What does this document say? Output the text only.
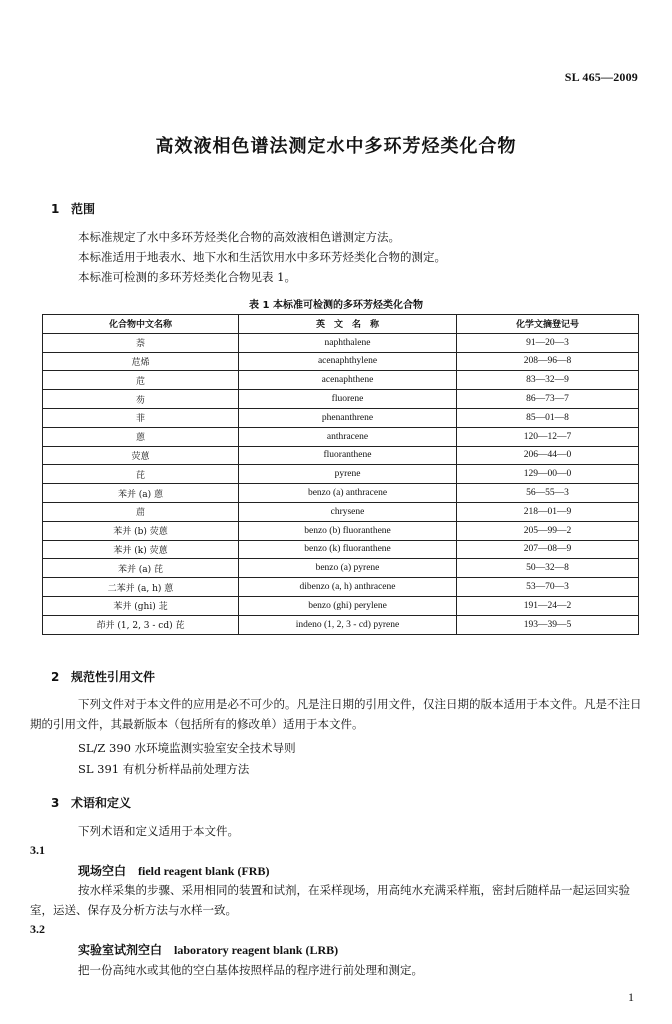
SL 465—2009
高效液相色谱法测定水中多环芳烃类化合物
1 范围
本标准规定了水中多环芳烃类化合物的高效液相色谱测定方法。
本标准适用于地表水、地下水和生活饮用水中多环芳烃类化合物的测定。
本标准可检测的多环芳烃类化合物见表 1。
表 1 本标准可检测的多环芳烃类化合物
化合物中文名称	英　文　名　称	化学文摘登记号
萘	naphthalene	91—20—3
苊烯	acenaphthylene	208—96—8
苊	acenaphthene	83—32—9
芴	fluorene	86—73—7
菲	phenanthrene	85—01—8
蒽	anthracene	120—12—7
荧蒽	fluoranthene	206—44—0
芘	pyrene	129—00—0
苯并 (a) 蒽	benzo (a) anthracene	56—55—3
䓛	chrysene	218—01—9
苯并 (b) 荧蒽	benzo (b) fluoranthene	205—99—2
苯并 (k) 荧蒽	benzo (k) fluoranthene	207—08—9
苯并 (a) 芘	benzo (a) pyrene	50—32—8
二苯并 (a, h) 蒽	dibenzo (a, h) anthracene	53—70—3
苯并 (ghi) 苝	benzo (ghi) perylene	191—24—2
茚并 (1, 2, 3 - cd) 芘	indeno (1, 2, 3 - cd) pyrene	193—39—5
2 规范性引用文件
下列文件对于本文件的应用是必不可少的。凡是注日期的引用文件，仅注日期的版本适用于本文件。凡是不注日期的引用文件，其最新版本（包括所有的修改单）适用于本文件。
SL/Z 390 水环境监测实验室安全技术导则
SL 391 有机分析样品前处理方法
3 术语和定义
下列术语和定义适用于本文件。
3.1
现场空白 field reagent blank (FRB)
按水样采集的步骤、采用相同的装置和试剂，在采样现场，用高纯水充满采样瓶，密封后随样品一起运回实验室，运送、保存及分析方法与水样一致。
3.2
实验室试剂空白 laboratory reagent blank (LRB)
把一份高纯水或其他的空白基体按照样品的程序进行前处理和测定。
1
